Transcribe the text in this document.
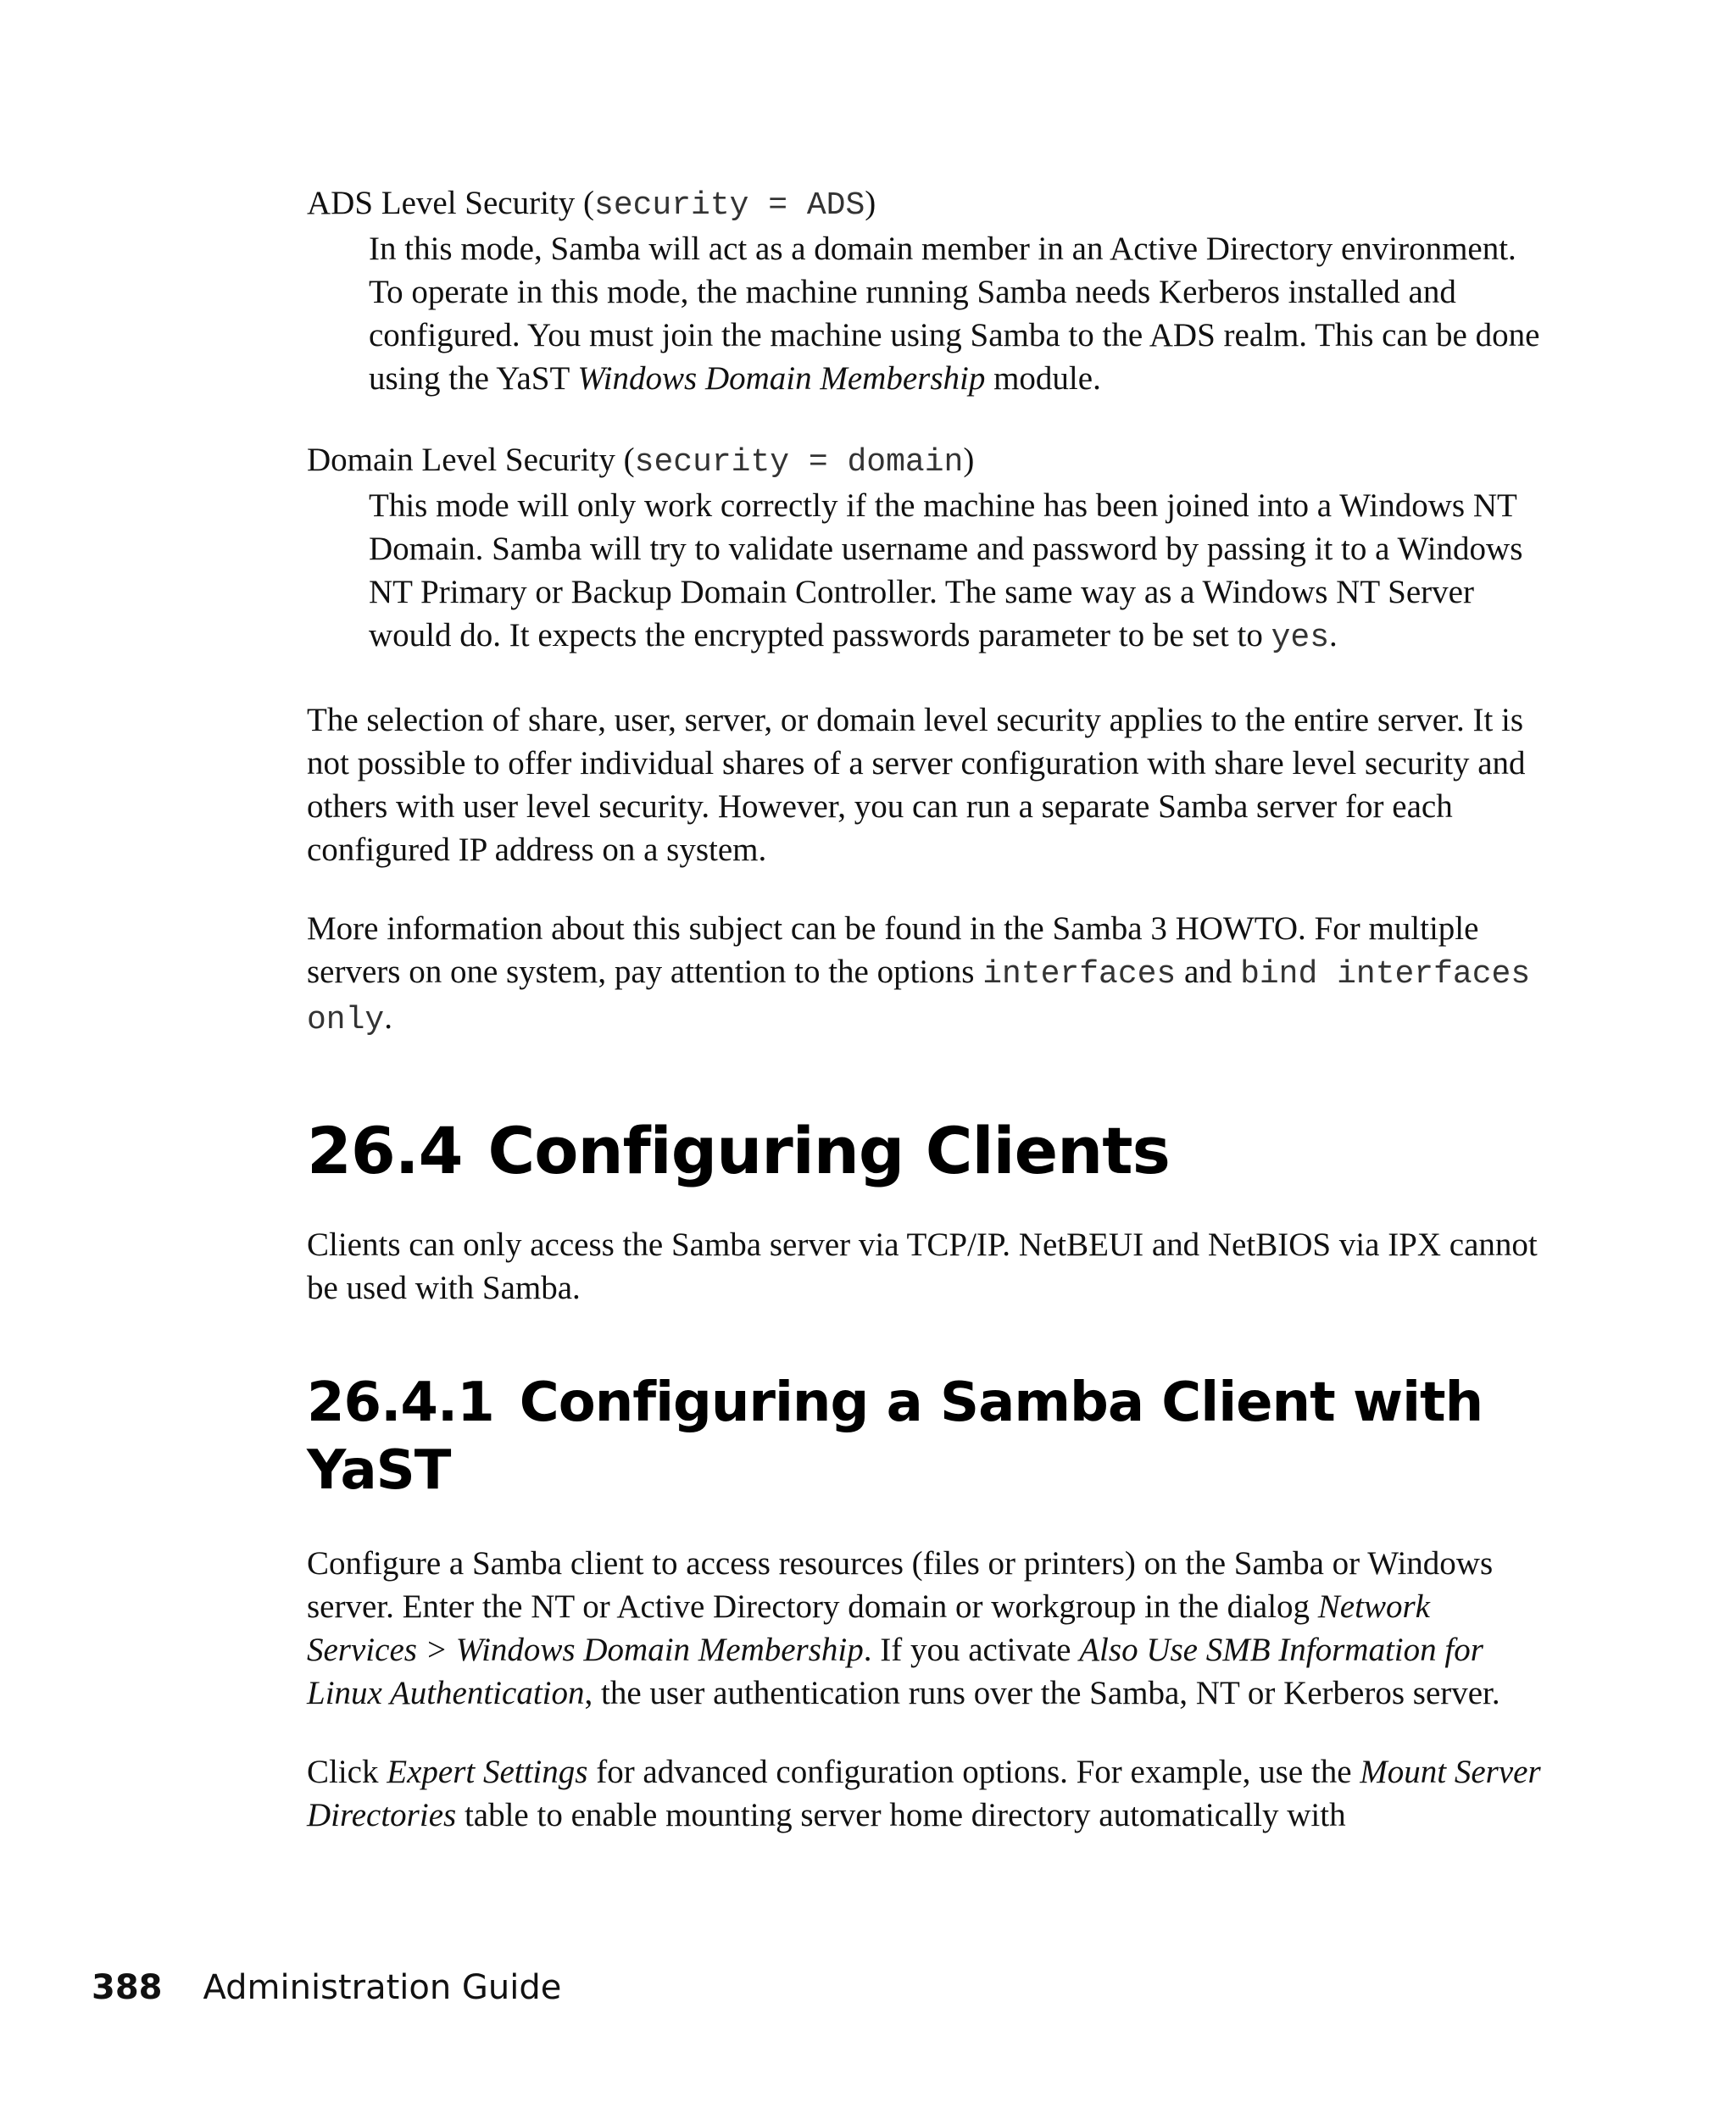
ADS Level Security (security = ADS)
In this mode, Samba will act as a domain member in an Active Directory environment. To operate in this mode, the machine running Samba needs Kerberos installed and configured. You must join the machine using Samba to the ADS realm. This can be done using the YaST Windows Domain Membership module.
Domain Level Security (security = domain)
This mode will only work correctly if the machine has been joined into a Windows NT Domain. Samba will try to validate username and password by passing it to a Windows NT Primary or Backup Domain Controller. The same way as a Windows NT Server would do. It expects the encrypted passwords parameter to be set to yes.

The selection of share, user, server, or domain level security applies to the entire server. It is not possible to offer individual shares of a server configuration with share level security and others with user level security. However, you can run a separate Samba server for each configured IP address on a system.

More information about this subject can be found in the Samba 3 HOWTO. For multiple servers on one system, pay attention to the options interfaces and bind interfaces only.

26.4 Configuring Clients

Clients can only access the Samba server via TCP/IP. NetBEUI and NetBIOS via IPX cannot be used with Samba.

26.4.1 Configuring a Samba Client with YaST

Configure a Samba client to access resources (files or printers) on the Samba or Windows server. Enter the NT or Active Directory domain or workgroup in the dialog Network Services > Windows Domain Membership. If you activate Also Use SMB Information for Linux Authentication, the user authentication runs over the Samba, NT or Kerberos server.

Click Expert Settings for advanced configuration options. For example, use the Mount Server Directories table to enable mounting server home directory automatically with

388 Administration Guide
